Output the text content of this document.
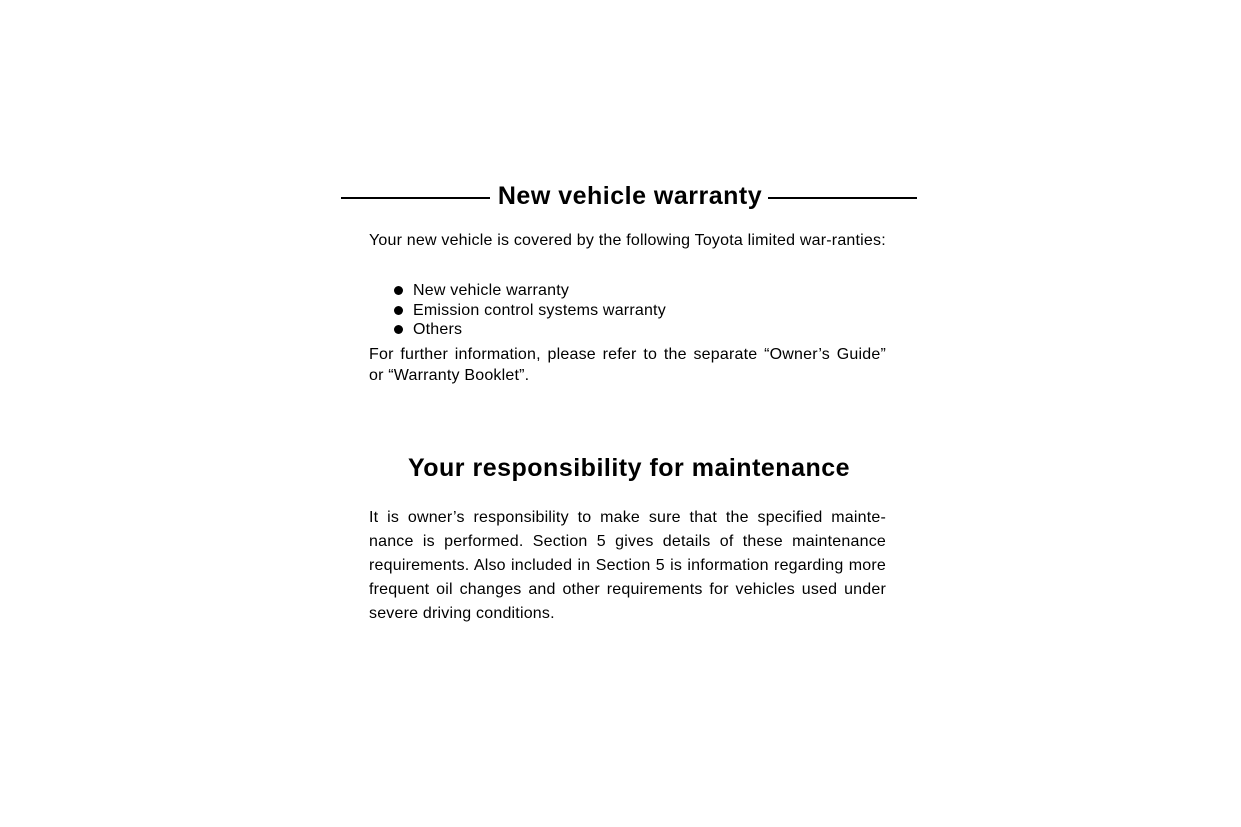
New vehicle warranty
Your new vehicle is covered by the following Toyota limited war-ranties:
New vehicle warranty
Emission control systems warranty
Others
For further information, please refer to the separate “Owner’s Guide” or “Warranty Booklet”.
Your responsibility for maintenance
It is owner’s responsibility to make sure that the specified mainte-nance is performed. Section 5 gives details of these maintenance requirements. Also included in Section 5 is information regarding more frequent oil changes and other requirements for vehicles used under severe driving conditions.
